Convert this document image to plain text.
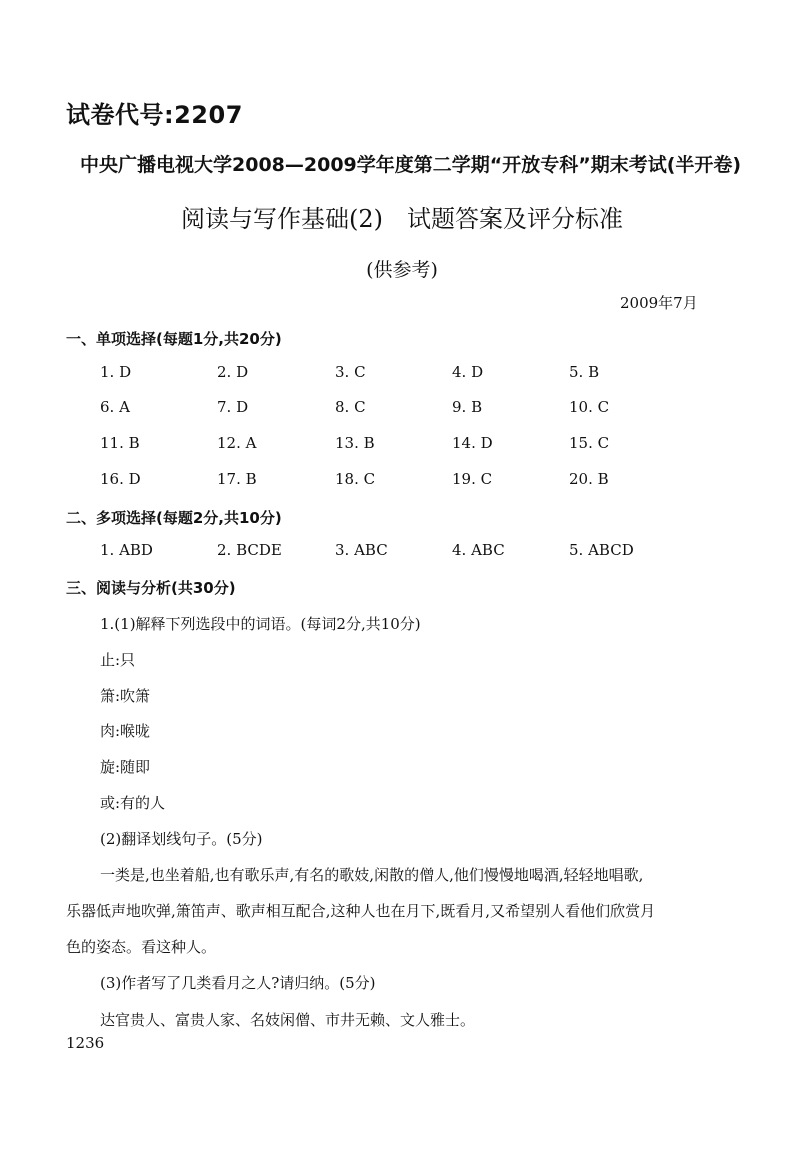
试卷代号:2207
中央广播电视大学2008—2009学年度第二学期“开放专科”期末考试(半开卷)
阅读与写作基础(2)　试题答案及评分标准
(供参考)
2009年7月
一、单项选择(每题1分,共20分)
1. D	2. D	3. C	4. D	5. B
6. A	7. D	8. C	9. B	10. C
11. B	12. A	13. B	14. D	15. C
16. D	17. B	18. C	19. C	20. B
二、多项选择(每题2分,共10分)
1. ABD	2. BCDE	3. ABC	4. ABC	5. ABCD
三、阅读与分析(共30分)
1.(1)解释下列选段中的词语。(每词2分,共10分)
止:只
箫:吹箫
肉:喉咙
旋:随即
或:有的人
(2)翻译划线句子。(5分)
一类是,也坐着船,也有歌乐声,有名的歌妓,闲散的僧人,他们慢慢地喝酒,轻轻地唱歌,
乐器低声地吹弹,箫笛声、歌声相互配合,这种人也在月下,既看月,又希望别人看他们欣赏月
色的姿态。看这种人。
(3)作者写了几类看月之人?请归纳。(5分)
达官贵人、富贵人家、名妓闲僧、市井无赖、文人雅士。
1236
